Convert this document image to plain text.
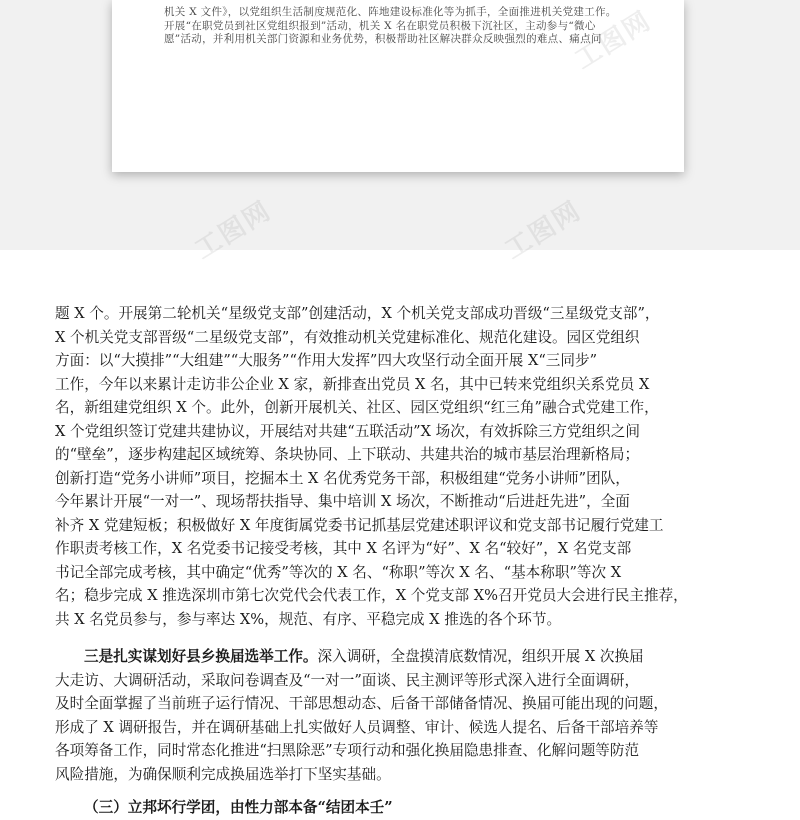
机关 X 文件》，以党组织生活制度规范化、阵地建设标准化等为抓手，全面推进机关党建工作。
开展“在职党员到社区党组织报到”活动，机关 X 名在职党员积极下沉社区，主动参与“微心
愿”活动，并利用机关部门资源和业务优势，积极帮助社区解决群众反映强烈的难点、痛点问
工图网	工图网
工图网
题 X 个。开展第二轮机关“星级党支部”创建活动，X 个机关党支部成功晋级“三星级党支部”，
X 个机关党支部晋级“二星级党支部”，有效推动机关党建标准化、规范化建设。园区党组织
方面：以“大摸排”“大组建”“大服务”“作用大发挥”四大攻坚行动全面开展 X“三同步”
工作，今年以来累计走访非公企业 X 家，新排查出党员 X 名，其中已转来党组织关系党员 X
名，新组建党组织 X 个。此外，创新开展机关、社区、园区党组织“红三角”融合式党建工作，
X 个党组织签订党建共建协议，开展结对共建“五联活动”X 场次，有效拆除三方党组织之间
的“壁垒”，逐步构建起区域统筹、条块协同、上下联动、共建共治的城市基层治理新格局；
创新打造“党务小讲师”项目，挖掘本土 X 名优秀党务干部，积极组建“党务小讲师”团队，
今年累计开展“一对一”、现场帮扶指导、集中培训 X 场次，不断推动“后进赶先进”，全面
补齐 X 党建短板；积极做好 X 年度街属党委书记抓基层党建述职评议和党支部书记履行党建工
作职责考核工作，X 名党委书记接受考核，其中 X 名评为“好”、X 名“较好”，X 名党支部
书记全部完成考核，其中确定“优秀”等次的 X 名、“称职”等次 X 名、“基本称职”等次 X
名；稳步完成 X 推选深圳市第七次党代会代表工作，X 个党支部 X%召开党员大会进行民主推荐，
共 X 名党员参与，参与率达 X%，规范、有序、平稳完成 X 推选的各个环节。
三是扎实谋划好县乡换届选举工作。深入调研，全盘摸清底数情况，组织开展 X 次换届
大走访、大调研活动，采取问卷调查及“一对一”面谈、民主测评等形式深入进行全面调研，
及时全面掌握了当前班子运行情况、干部思想动态、后备干部储备情况、换届可能出现的问题，
形成了 X 调研报告，并在调研基础上扎实做好人员调整、审计、候选人提名、后备干部培养等
各项筹备工作，同时常态化推进“扫黑除恶”专项行动和强化换届隐患排查、化解问题等防范
风险措施，为确保顺利完成换届选举打下坚实基础。
（三）立邦坏行学团，由性力部本备“结团本壬”
